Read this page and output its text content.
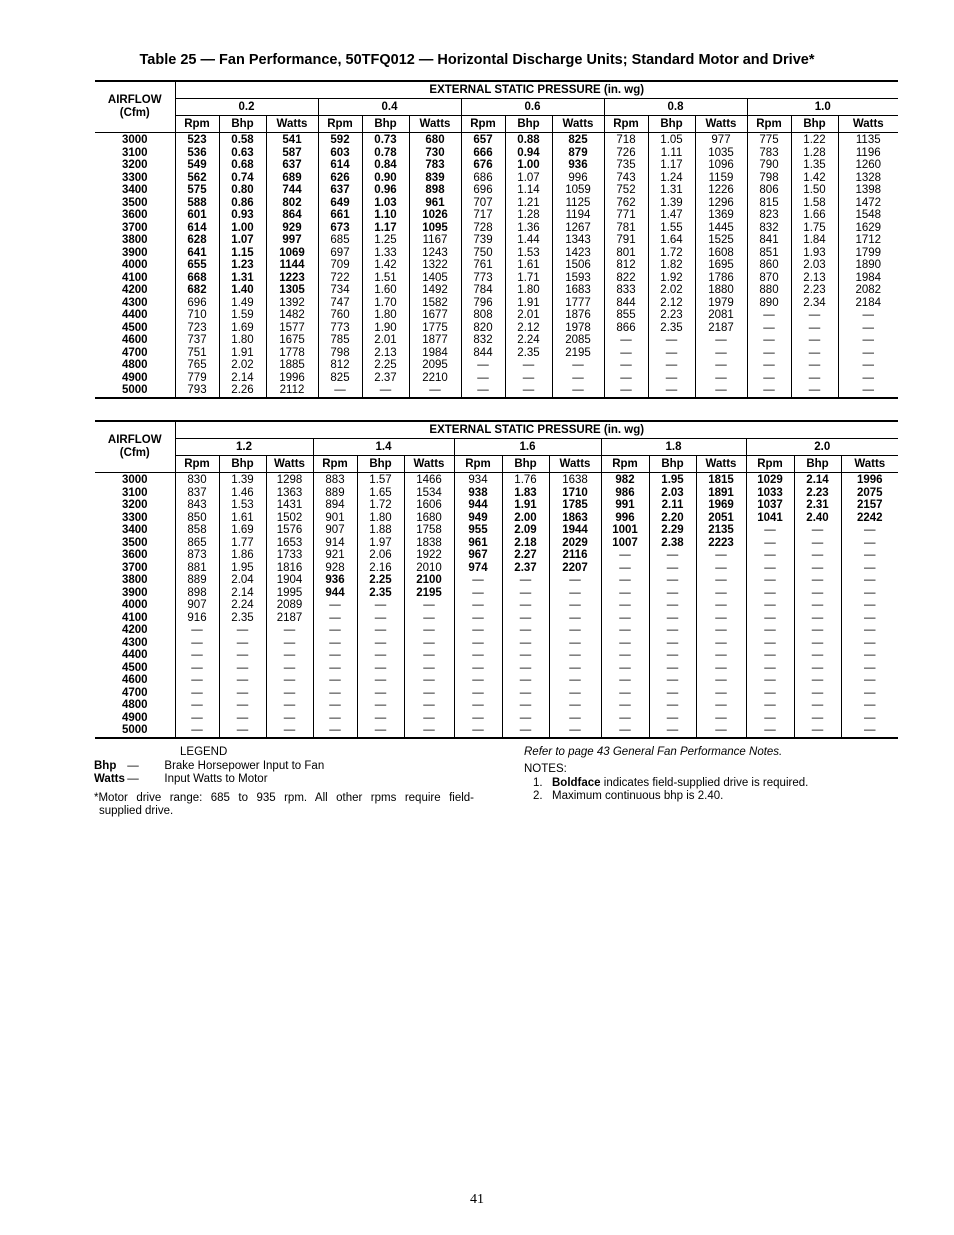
Table 25 — Fan Performance, 50TFQ012 — Horizontal Discharge Units; Standard Motor and Drive*
AIRFLOW
(Cfm)	EXTERNAL STATIC PRESSURE (in. wg)														
	0.2			0.4			0.6			0.8			1.0		
	Rpm	Bhp	Watts	Rpm	Bhp	Watts	Rpm	Bhp	Watts	Rpm	Bhp	Watts	Rpm	Bhp	Watts
3000	523	0.58	541	592	0.73	680	657	0.88	825	718	1.05	977	775	1.22	1135
3100	536	0.63	587	603	0.78	730	666	0.94	879	726	1.11	1035	783	1.28	1196
3200	549	0.68	637	614	0.84	783	676	1.00	936	735	1.17	1096	790	1.35	1260
3300	562	0.74	689	626	0.90	839	686	1.07	996	743	1.24	1159	798	1.42	1328
3400	575	0.80	744	637	0.96	898	696	1.14	1059	752	1.31	1226	806	1.50	1398
3500	588	0.86	802	649	1.03	961	707	1.21	1125	762	1.39	1296	815	1.58	1472
3600	601	0.93	864	661	1.10	1026	717	1.28	1194	771	1.47	1369	823	1.66	1548
3700	614	1.00	929	673	1.17	1095	728	1.36	1267	781	1.55	1445	832	1.75	1629
3800	628	1.07	997	685	1.25	1167	739	1.44	1343	791	1.64	1525	841	1.84	1712
3900	641	1.15	1069	697	1.33	1243	750	1.53	1423	801	1.72	1608	851	1.93	1799
4000	655	1.23	1144	709	1.42	1322	761	1.61	1506	812	1.82	1695	860	2.03	1890
4100	668	1.31	1223	722	1.51	1405	773	1.71	1593	822	1.92	1786	870	2.13	1984
4200	682	1.40	1305	734	1.60	1492	784	1.80	1683	833	2.02	1880	880	2.23	2082
4300	696	1.49	1392	747	1.70	1582	796	1.91	1777	844	2.12	1979	890	2.34	2184
4400	710	1.59	1482	760	1.80	1677	808	2.01	1876	855	2.23	2081	—	—	—
4500	723	1.69	1577	773	1.90	1775	820	2.12	1978	866	2.35	2187	—	—	—
4600	737	1.80	1675	785	2.01	1877	832	2.24	2085	—	—	—	—	—	—
4700	751	1.91	1778	798	2.13	1984	844	2.35	2195	—	—	—	—	—	—
4800	765	2.02	1885	812	2.25	2095	—	—	—	—	—	—	—	—	—
4900	779	2.14	1996	825	2.37	2210	—	—	—	—	—	—	—	—	—
5000	793	2.26	2112	—	—	—	—	—	—	—	—	—	—	—	—
AIRFLOW
(Cfm)	EXTERNAL STATIC PRESSURE (in. wg)														
	1.2			1.4			1.6			1.8			2.0		
	Rpm	Bhp	Watts	Rpm	Bhp	Watts	Rpm	Bhp	Watts	Rpm	Bhp	Watts	Rpm	Bhp	Watts
3000	830	1.39	1298	883	1.57	1466	934	1.76	1638	982	1.95	1815	1029	2.14	1996
3100	837	1.46	1363	889	1.65	1534	938	1.83	1710	986	2.03	1891	1033	2.23	2075
3200	843	1.53	1431	894	1.72	1606	944	1.91	1785	991	2.11	1969	1037	2.31	2157
3300	850	1.61	1502	901	1.80	1680	949	2.00	1863	996	2.20	2051	1041	2.40	2242
3400	858	1.69	1576	907	1.88	1758	955	2.09	1944	1001	2.29	2135	—	—	—
3500	865	1.77	1653	914	1.97	1838	961	2.18	2029	1007	2.38	2223	—	—	—
3600	873	1.86	1733	921	2.06	1922	967	2.27	2116	—	—	—	—	—	—
3700	881	1.95	1816	928	2.16	2010	974	2.37	2207	—	—	—	—	—	—
3800	889	2.04	1904	936	2.25	2100	—	—	—	—	—	—	—	—	—
3900	898	2.14	1995	944	2.35	2195	—	—	—	—	—	—	—	—	—
4000	907	2.24	2089	—	—	—	—	—	—	—	—	—	—	—	—
4100	916	2.35	2187	—	—	—	—	—	—	—	—	—	—	—	—
4200	—	—	—	—	—	—	—	—	—	—	—	—	—	—	—
4300	—	—	—	—	—	—	—	—	—	—	—	—	—	—	—
4400	—	—	—	—	—	—	—	—	—	—	—	—	—	—	—
4500	—	—	—	—	—	—	—	—	—	—	—	—	—	—	—
4600	—	—	—	—	—	—	—	—	—	—	—	—	—	—	—
4700	—	—	—	—	—	—	—	—	—	—	—	—	—	—	—
4800	—	—	—	—	—	—	—	—	—	—	—	—	—	—	—
4900	—	—	—	—	—	—	—	—	—	—	—	—	—	—	—
5000	—	—	—	—	—	—	—	—	—	—	—	—	—	—	—
LEGEND
Bhp — Brake Horsepower Input to Fan
Watts — Input Watts to Motor
*Motor drive range: 685 to 935 rpm. All other rpms require field-
supplied drive.
Refer to page 43 General Fan Performance Notes.
NOTES:
1. Boldface indicates field-supplied drive is required.
2. Maximum continuous bhp is 2.40.
41
